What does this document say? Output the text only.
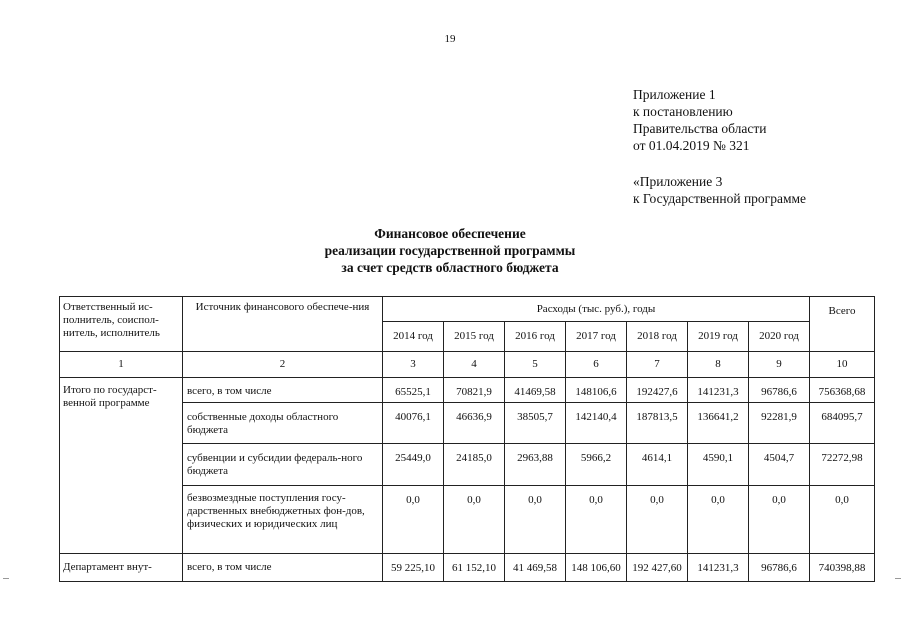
19
Приложение 1
к постановлению
Правительства области
от 01.04.2019 № 321
«Приложение 3
к Государственной программе
Финансовое обеспечение
реализации государственной программы
за счет средств областного бюджета
Ответственный ис-полнитель, соиспол-нитель, исполнитель	Источник финансового обеспече-ния	Расходы (тыс. руб.), годы							Всего
		2014 год	2015 год	2016 год	2017 год	2018 год	2019 год	2020 год	
1	2	3	4	5	6	7	8	9	10
Итого по государст-венной программе	всего, в том числе	65525,1	70821,9	41469,58	148106,6	192427,6	141231,3	96786,6	756368,68
	собственные доходы областного бюджета	40076,1	46636,9	38505,7	142140,4	187813,5	136641,2	92281,9	684095,7
	субвенции и субсидии федераль-ного бюджета	25449,0	24185,0	2963,88	5966,2	4614,1	4590,1	4504,7	72272,98
	безвозмездные поступления госу-дарственных внебюджетных фон-дов, физических и юридических лиц	0,0	0,0	0,0	0,0	0,0	0,0	0,0	0,0
Департамент внут-	всего, в том числе	59 225,10	61 152,10	41 469,58	148 106,60	192 427,60	141231,3	96786,6	740398,88
